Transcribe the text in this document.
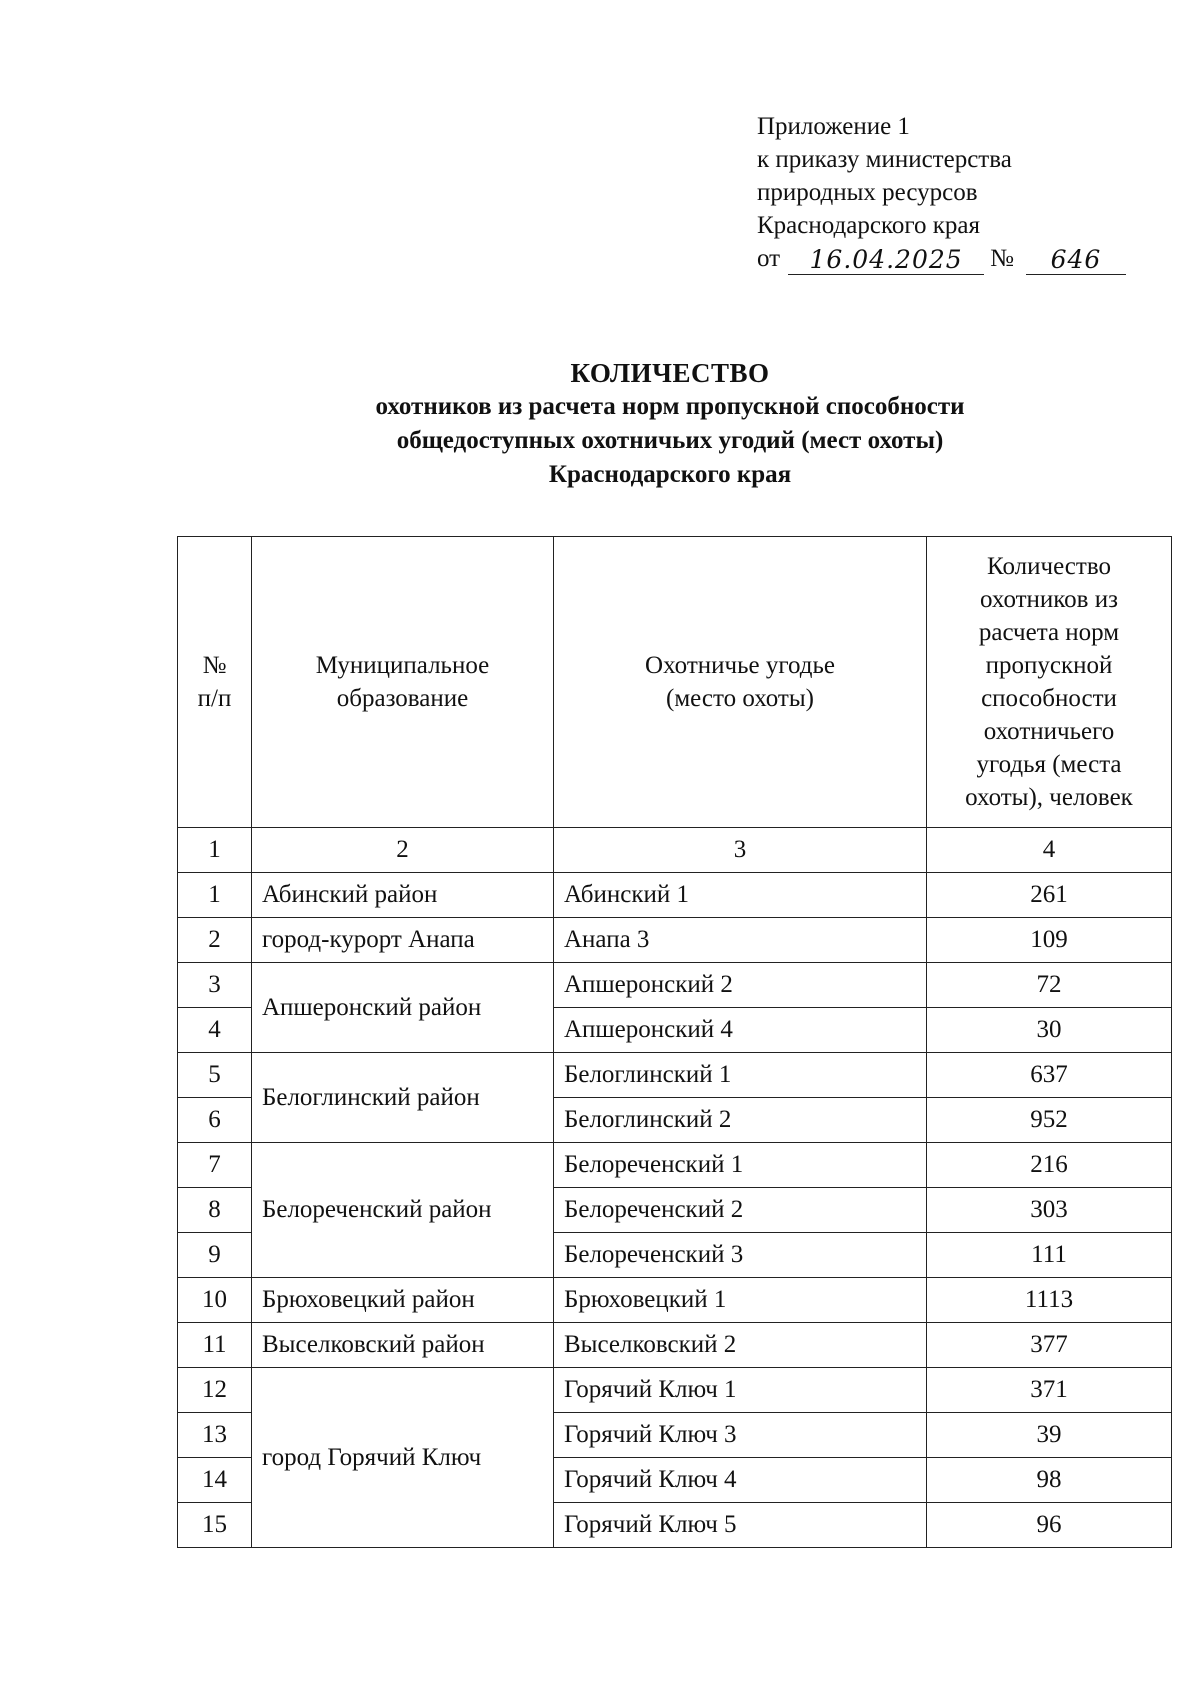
Приложение 1
к приказу министерства
природных ресурсов
Краснодарского края
от	16.04.2025	№	646
КОЛИЧЕСТВО
охотников из расчета норм пропускной способности
общедоступных охотничьих угодий (мест охоты)
Краснодарского края
№ п/п	Муниципальное образование	Охотничье угодье (место охоты)	Количество охотников из расчета норм пропускной способности охотничьего угодья (места охоты), человек
1	2	3	4
1	Абинский район	Абинский 1	261
2	город-курорт Анапа	Анапа 3	109
3	Апшеронский район	Апшеронский 2	72
4		Апшеронский 4	30
5	Белоглинский район	Белоглинский 1	637
6		Белоглинский 2	952
7	Белореченский район	Белореченский 1	216
8		Белореченский 2	303
9		Белореченский 3	111
10	Брюховецкий район	Брюховецкий 1	1113
11	Выселковский район	Выселковский 2	377
12	город Горячий Ключ	Горячий Ключ 1	371
13		Горячий Ключ 3	39
14		Горячий Ключ 4	98
15		Горячий Ключ 5	96
